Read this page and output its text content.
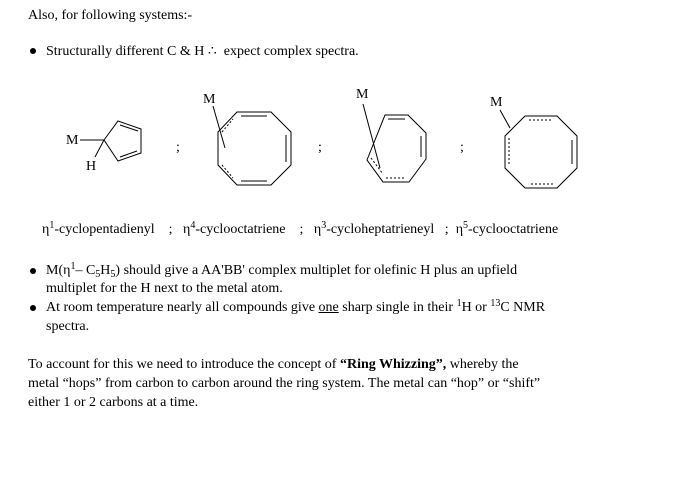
Also, for following systems:-
Structurally different C & H ∴ expect complex spectra.
M
H
;
M
;
M
;
M
$\eta^1$-cyclopentadienyl ; $\eta^4$-cyclooctatriene ; $\eta^3$-cycloheptatrieneyl ; $\eta^5$-cyclooctatriene
$M(\eta^1-$ $C_5H_5$) should give a AA'BB' complex multiplet for olefinic H plus an upfield
multiplet for the H next to the metal atom.
At room temperature nearly all compounds give one sharp single in their $^1$H or $^{13}$C NMR
spectra.
To account for this we need to introduce the concept of “Ring Whizzing”, whereby the
metal “hops” from carbon to carbon around the ring system. The metal can “hop” or “shift”
either 1 or 2 carbons at a time.
